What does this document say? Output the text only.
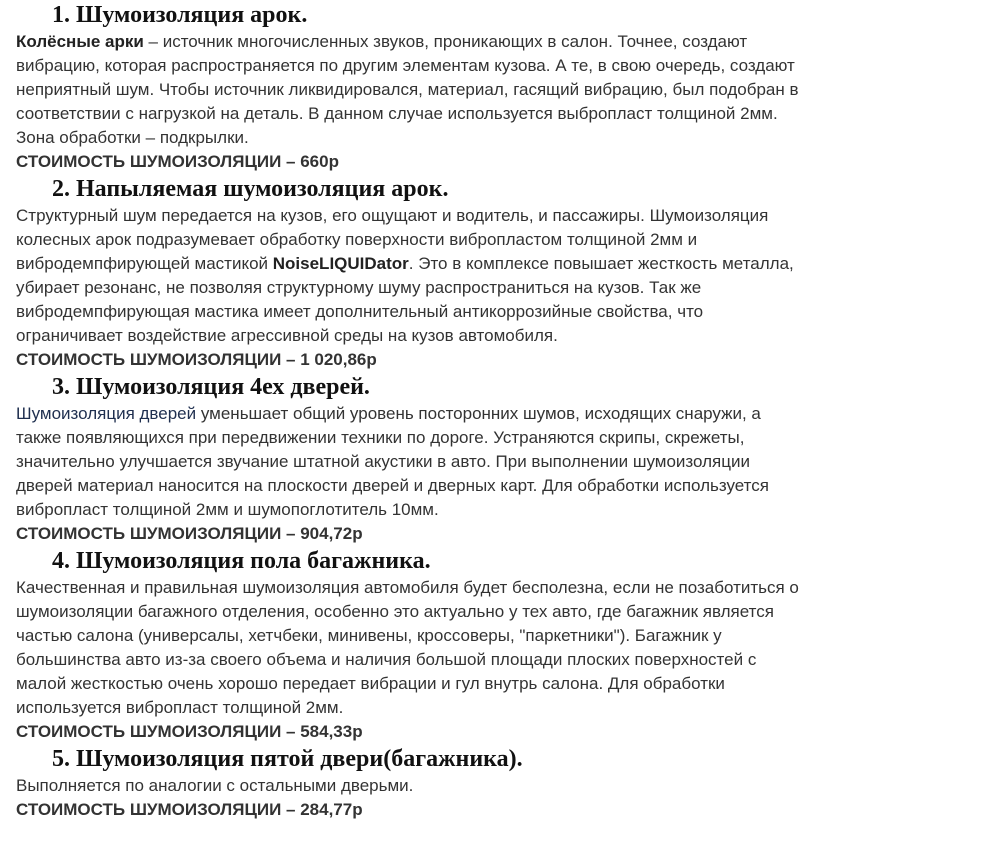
1. Шумоизоляция арок.

Колёсные арки – источник многочисленных звуков, проникающих в салон. Точнее, создают
вибрацию, которая распространяется по другим элементам кузова. А те, в свою очередь, создают
неприятный шум. Чтобы источник ликвидировался, материал, гасящий вибрацию, был подобран в
соответствии с нагрузкой на деталь. В данном случае используется выбропласт толщиной 2мм.
Зона обработки – подкрылки.

СТОИМОСТЬ ШУМОИЗОЛЯЦИИ – 660р

2. Напыляемая шумоизоляция арок.

Структурный шум передается на кузов, его ощущают и водитель, и пассажиры. Шумоизоляция
колесных арок подразумевает обработку поверхности вибропластом толщиной 2мм и
вибродемпфирующей мастикой NoiseLIQUIDator. Это в комплексе повышает жесткость металла,
убирает резонанс, не позволяя структурному шуму распространиться на кузов. Так же
вибродемпфирующая мастика имеет дополнительный антикоррозийные свойства, что
ограничивает воздействие агрессивной среды на кузов автомобиля.

СТОИМОСТЬ ШУМОИЗОЛЯЦИИ – 1 020,86р

3. Шумоизоляция 4ех дверей.

Шумоизоляция дверей уменьшает общий уровень посторонних шумов, исходящих снаружи, а
также появляющихся при передвижении техники по дороге. Устраняются скрипы, скрежеты,
значительно улучшается звучание штатной акустики в авто. При выполнении шумоизоляции
дверей материал наносится на плоскости дверей и дверных карт. Для обработки используется
вибропласт толщиной 2мм и шумопоглотитель 10мм.

СТОИМОСТЬ ШУМОИЗОЛЯЦИИ – 904,72р

4. Шумоизоляция пола багажника.

Качественная и правильная шумоизоляция автомобиля будет бесполезна, если не позаботиться о
шумоизоляции багажного отделения, особенно это актуально у тех авто, где багажник является
частью салона (универсалы, хетчбеки, минивены, кроссоверы, "паркетники"). Багажник у
большинства авто из-за своего объема и наличия большой площади плоских поверхностей с
малой жесткостью очень хорошо передает вибрации и гул внутрь салона. Для обработки
используется вибропласт толщиной 2мм.

СТОИМОСТЬ ШУМОИЗОЛЯЦИИ – 584,33р

5. Шумоизоляция пятой двери(багажника).

Выполняется по аналогии с остальными дверьми.

СТОИМОСТЬ ШУМОИЗОЛЯЦИИ – 284,77р
